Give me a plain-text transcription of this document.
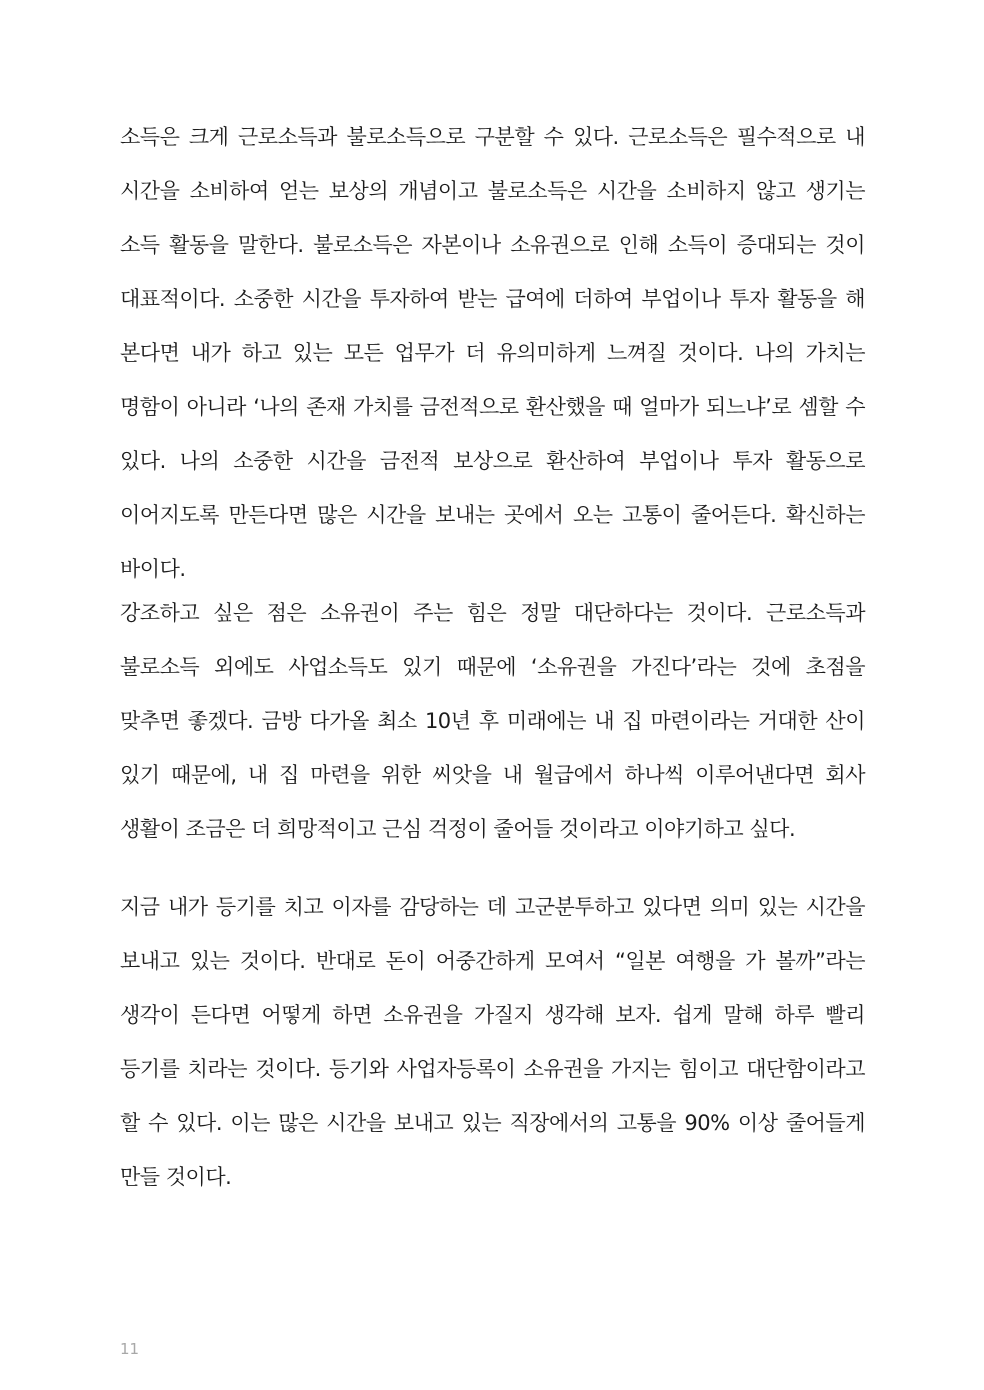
소득은 크게 근로소득과 불로소득으로 구분할 수 있다. 근로소득은 필수적으로 내
시간을 소비하여 얻는 보상의 개념이고 불로소득은 시간을 소비하지 않고 생기는
소득 활동을 말한다. 불로소득은 자본이나 소유권으로 인해 소득이 증대되는 것이
대표적이다. 소중한 시간을 투자하여 받는 급여에 더하여 부업이나 투자 활동을 해
본다면 내가 하고 있는 모든 업무가 더 유의미하게 느껴질 것이다. 나의 가치는
명함이 아니라 ‘나의 존재 가치를 금전적으로 환산했을 때 얼마가 되느냐’로 셈할 수
있다. 나의 소중한 시간을 금전적 보상으로 환산하여 부업이나 투자 활동으로
이어지도록 만든다면 많은 시간을 보내는 곳에서 오는 고통이 줄어든다. 확신하는
바이다.
강조하고 싶은 점은 소유권이 주는 힘은 정말 대단하다는 것이다. 근로소득과
불로소득 외에도 사업소득도 있기 때문에 ‘소유권을 가진다’라는 것에 초점을
맞추면 좋겠다. 금방 다가올 최소 10년 후 미래에는 내 집 마련이라는 거대한 산이
있기 때문에, 내 집 마련을 위한 씨앗을 내 월급에서 하나씩 이루어낸다면 회사
생활이 조금은 더 희망적이고 근심 걱정이 줄어들 것이라고 이야기하고 싶다.
지금 내가 등기를 치고 이자를 감당하는 데 고군분투하고 있다면 의미 있는 시간을
보내고 있는 것이다. 반대로 돈이 어중간하게 모여서 “일본 여행을 가 볼까”라는
생각이 든다면 어떻게 하면 소유권을 가질지 생각해 보자. 쉽게 말해 하루 빨리
등기를 치라는 것이다. 등기와 사업자등록이 소유권을 가지는 힘이고 대단함이라고
할 수 있다. 이는 많은 시간을 보내고 있는 직장에서의 고통을 90% 이상 줄어들게
만들 것이다.
11
